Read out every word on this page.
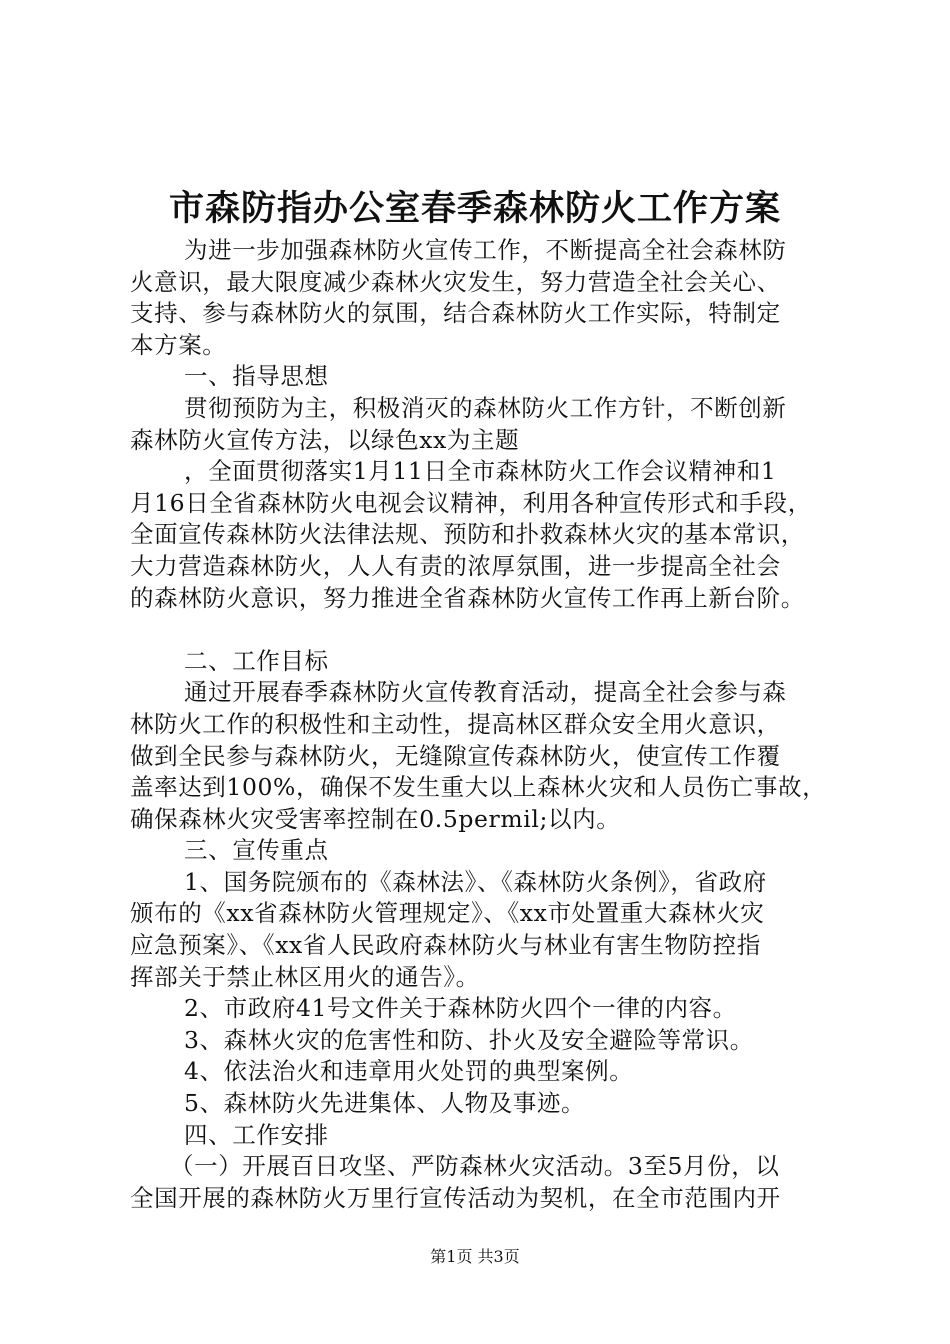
市森防指办公室春季森林防火工作方案
为进一步加强森林防火宣传工作，不断提高全社会森林防
火意识，最大限度减少森林火灾发生，努力营造全社会关心、
支持、参与森林防火的氛围，结合森林防火工作实际，特制定
本方案。
一、指导思想
贯彻预防为主，积极消灭的森林防火工作方针，不断创新
森林防火宣传方法，以绿色xx为主题
，全面贯彻落实1月11日全市森林防火工作会议精神和1
月16日全省森林防火电视会议精神，利用各种宣传形式和手段，
全面宣传森林防火法律法规、预防和扑救森林火灾的基本常识，
大力营造森林防火，人人有责的浓厚氛围，进一步提高全社会
的森林防火意识，努力推进全省森林防火宣传工作再上新台阶。
二、工作目标
通过开展春季森林防火宣传教育活动，提高全社会参与森
林防火工作的积极性和主动性，提高林区群众安全用火意识，
做到全民参与森林防火，无缝隙宣传森林防火，使宣传工作覆
盖率达到100%，确保不发生重大以上森林火灾和人员伤亡事故，
确保森林火灾受害率控制在0.5permil;以内。
三、宣传重点
1、国务院颁布的《森林法》、《森林防火条例》，省政府
颁布的《xx省森林防火管理规定》、《xx市处置重大森林火灾
应急预案》、《xx省人民政府森林防火与林业有害生物防控指
挥部关于禁止林区用火的通告》。
2、市政府41号文件关于森林防火四个一律的内容。
3、森林火灾的危害性和防、扑火及安全避险等常识。
4、依法治火和违章用火处罚的典型案例。
5、森林防火先进集体、人物及事迹。
四、工作安排
（一）开展百日攻坚、严防森林火灾活动。3至5月份，以
全国开展的森林防火万里行宣传活动为契机，在全市范围内开
第1页 共3页
